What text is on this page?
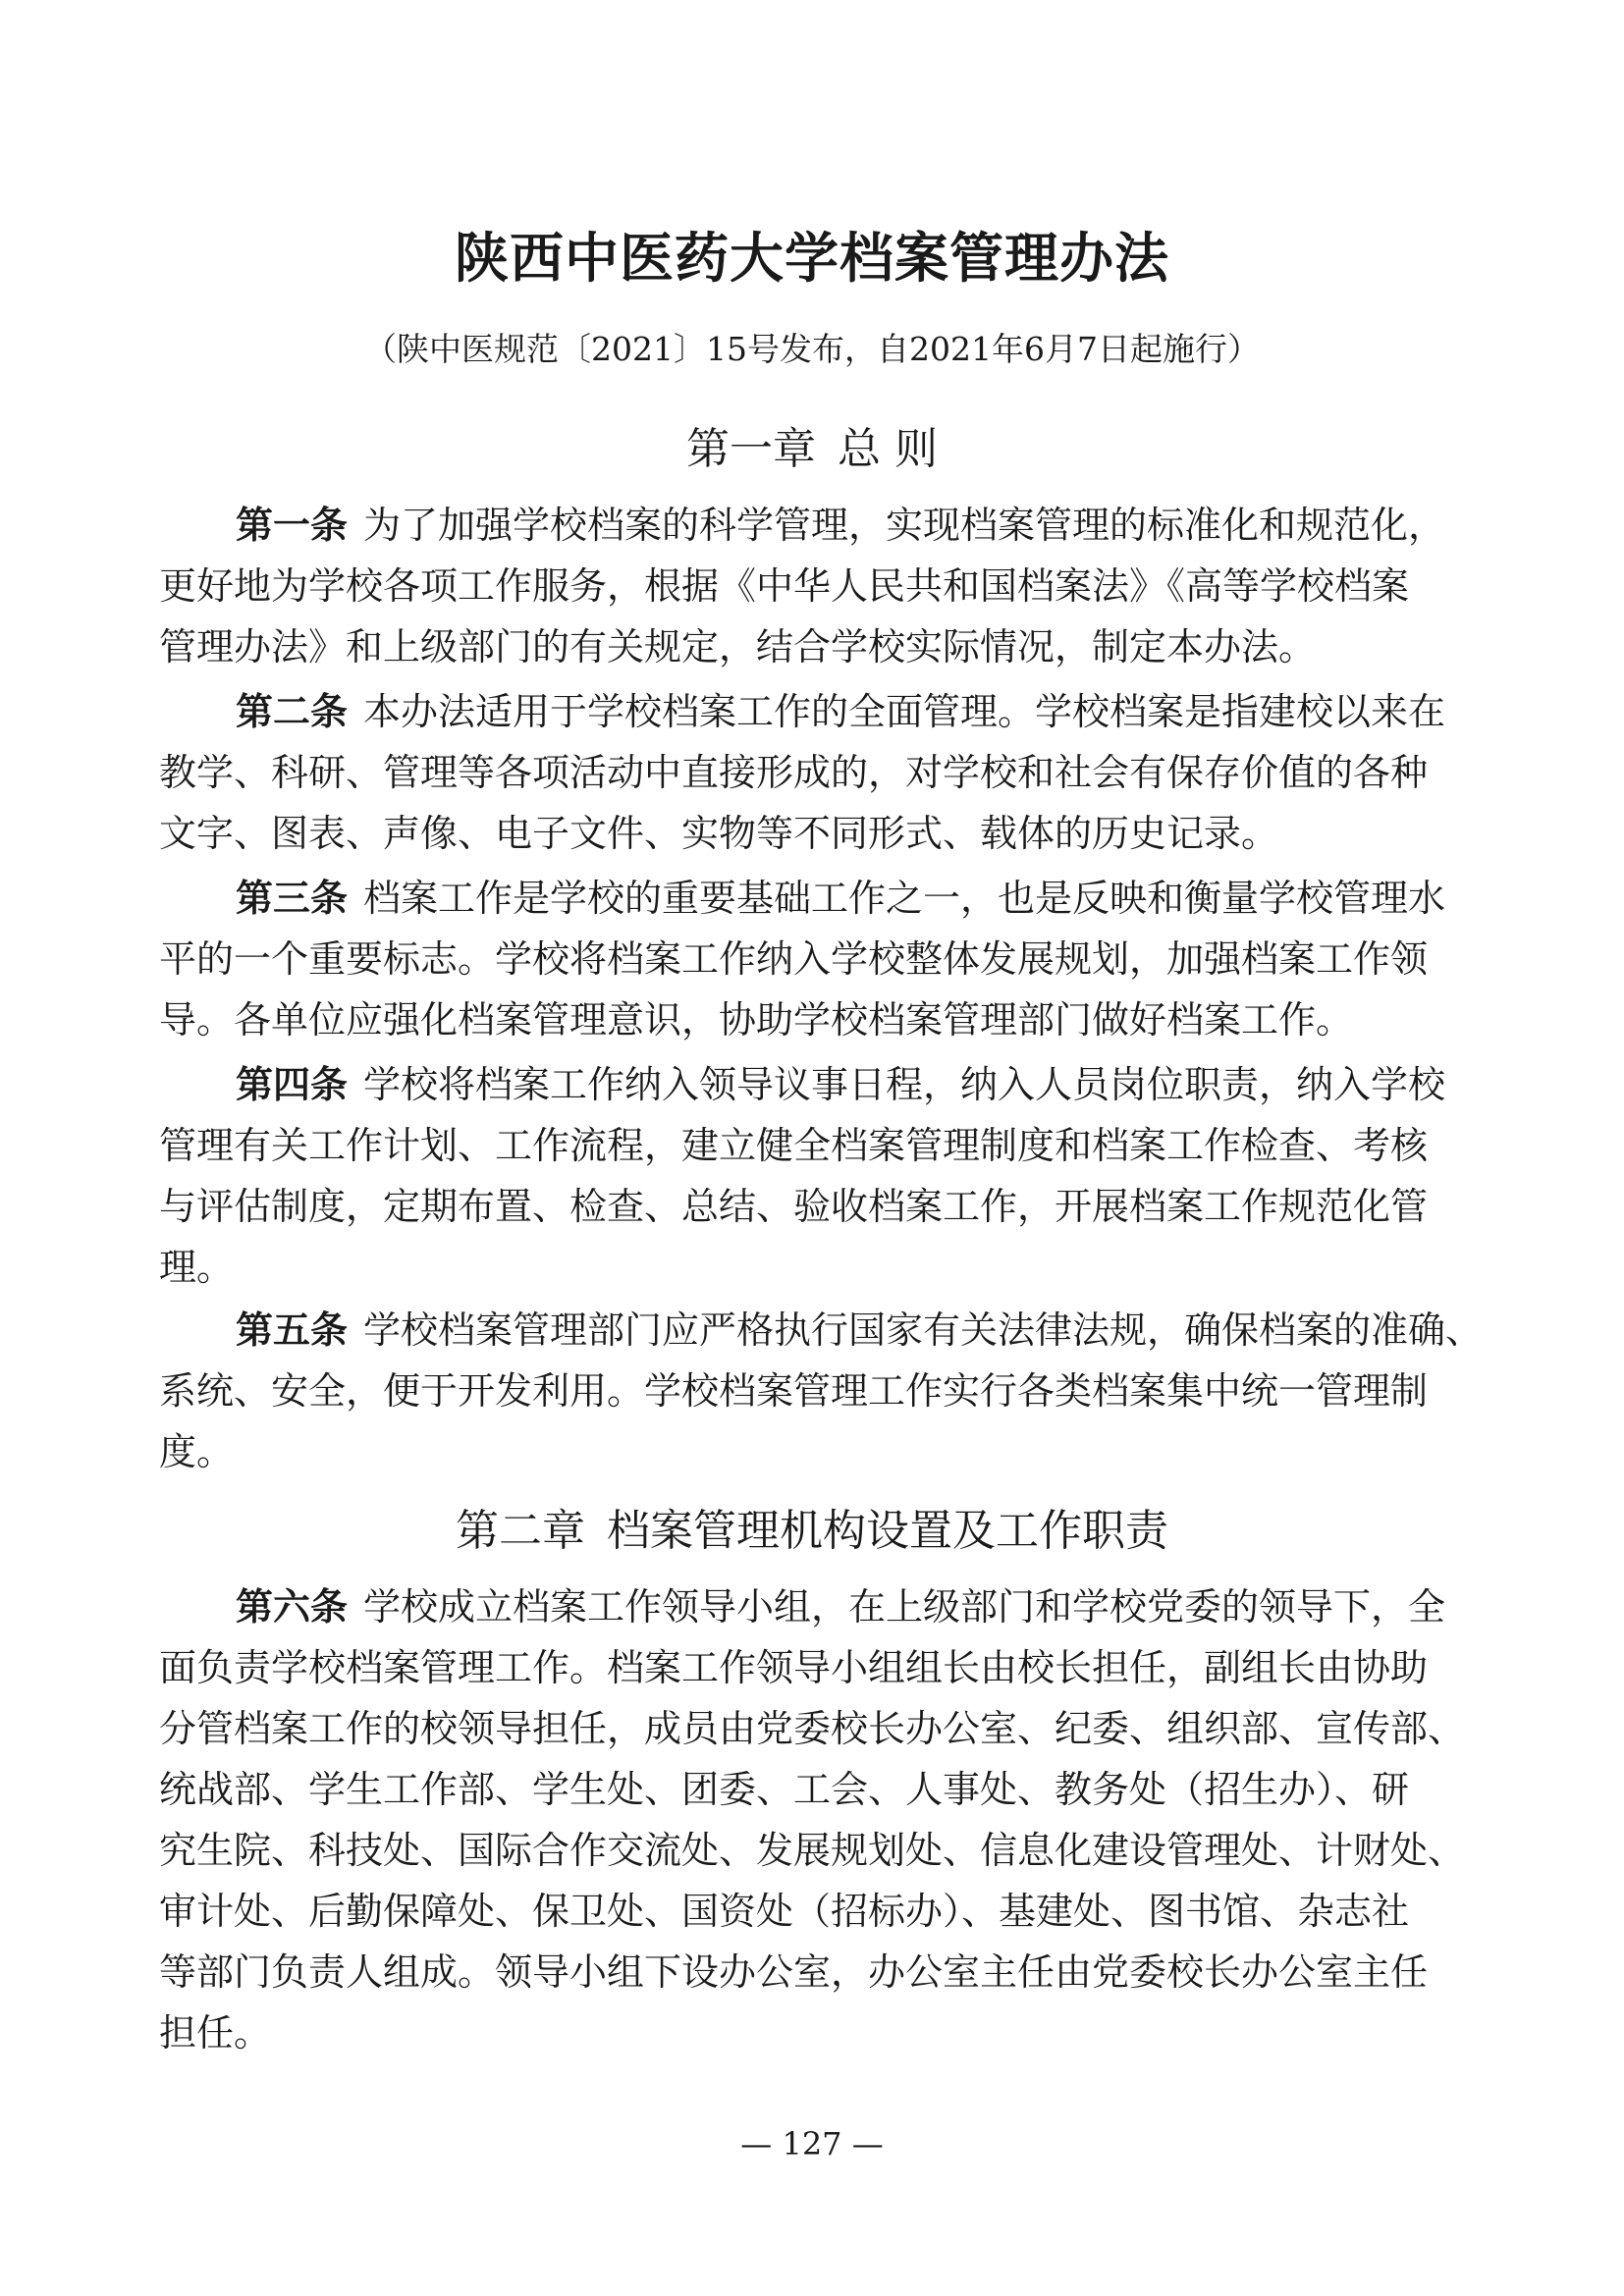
陕西中医药大学档案管理办法
（陕中医规范〔2021〕15号发布，自2021年6月7日起施行）
第一章 总 则
第一条 为了加强学校档案的科学管理，实现档案管理的标准化和规范化，
更好地为学校各项工作服务，根据《中华人民共和国档案法》《高等学校档案
管理办法》和上级部门的有关规定，结合学校实际情况，制定本办法。
第二条 本办法适用于学校档案工作的全面管理。学校档案是指建校以来在
教学、科研、管理等各项活动中直接形成的，对学校和社会有保存价值的各种
文字、图表、声像、电子文件、实物等不同形式、载体的历史记录。
第三条 档案工作是学校的重要基础工作之一，也是反映和衡量学校管理水
平的一个重要标志。学校将档案工作纳入学校整体发展规划，加强档案工作领
导。各单位应强化档案管理意识，协助学校档案管理部门做好档案工作。
第四条 学校将档案工作纳入领导议事日程，纳入人员岗位职责，纳入学校
管理有关工作计划、工作流程，建立健全档案管理制度和档案工作检查、考核
与评估制度，定期布置、检查、总结、验收档案工作，开展档案工作规范化管
理。
第五条 学校档案管理部门应严格执行国家有关法律法规，确保档案的准确、
系统、安全，便于开发利用。学校档案管理工作实行各类档案集中统一管理制
度。
第二章 档案管理机构设置及工作职责
第六条 学校成立档案工作领导小组，在上级部门和学校党委的领导下，全
面负责学校档案管理工作。档案工作领导小组组长由校长担任，副组长由协助
分管档案工作的校领导担任，成员由党委校长办公室、纪委、组织部、宣传部、
统战部、学生工作部、学生处、团委、工会、人事处、教务处（招生办）、研
究生院、科技处、国际合作交流处、发展规划处、信息化建设管理处、计财处、
审计处、后勤保障处、保卫处、国资处（招标办）、基建处、图书馆、杂志社
等部门负责人组成。领导小组下设办公室，办公室主任由党委校长办公室主任
担任。
— 127 —
